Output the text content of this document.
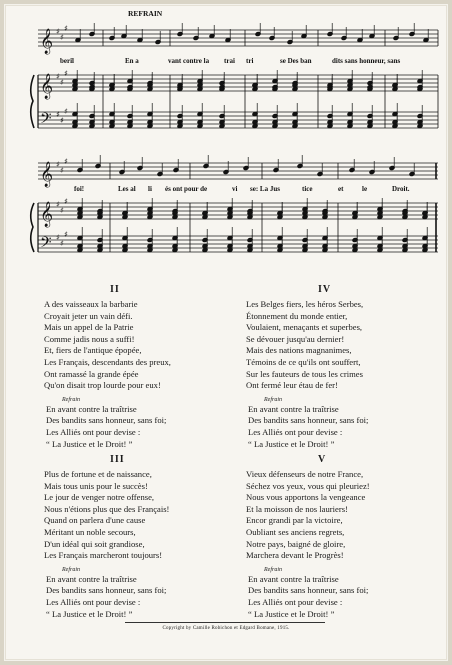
𝄞
𝄞
𝄢
𝄞
𝄞
𝄢
♯
♯
♯
♯
♯
♯
♯
♯
♯
♯
♯
♯
♯
♯
♯
♯
♯
♯
REFRAIN
beril	En a	vant contre la trai tri	se Des ban	dits sans honneur, sans
foi!	Les al li és ont pour de	vi se: La Jus	tice	et	le	Droit.
II
A des vaisseaux la barbarie
Croyait jeter un vain défi.
Mais un appel de la Patrie
Comme jadis nous a suffi!
Et, fiers de l'antique épopée,
Les Français, descendants des preux,
Ont ramassé la grande épée
Qu'on disait trop lourde pour eux!
Refrain
En avant contre la traîtrise
Des bandits sans honneur, sans foi;
Les Alliés ont pour devise :
“ La Justice et le Droit! ”
IV
Les Belges fiers, les héros Serbes,
Étonnement du monde entier,
Voulaient, menaçants et superbes,
Se dévouer jusqu'au dernier!
Mais des nations magnanimes,
Témoins de ce qu'ils ont souffert,
Sur les fauteurs de tous les crimes
Ont fermé leur étau de fer!
Refrain
En avant contre la traîtrise
Des bandits sans honneur, sans foi;
Les Alliés ont pour devise :
“ La Justice et le Droit! ”
III
Plus de fortune et de naissance,
Mais tous unis pour le succès!
Le jour de venger notre offense,
Nous n'étions plus que des Français!
Quand on parlera d'une cause
Méritant un noble secours,
D'un idéal qui soit grandiose,
Les Français marcheront toujours!
Refrain
En avant contre la traîtrise
Des bandits sans honneur, sans foi;
Les Alliés ont pour devise :
“ La Justice et le Droit! ”
V
Vieux défenseurs de notre France,
Séchez vos yeux, vous qui pleuriez!
Nous vous apportons la vengeance
Et la moisson de nos lauriers!
Encor grandi par la victoire,
Oubliant ses anciens regrets,
Notre pays, baigné de gloire,
Marchera devant le Progrès!
Refrain
En avant contre la traîtrise
Des bandits sans honneur, sans foi;
Les Alliés ont pour devise :
“ La Justice et le Droit! ”
Copyright by Camille Robichon et Edgard Bomane, 1915.
